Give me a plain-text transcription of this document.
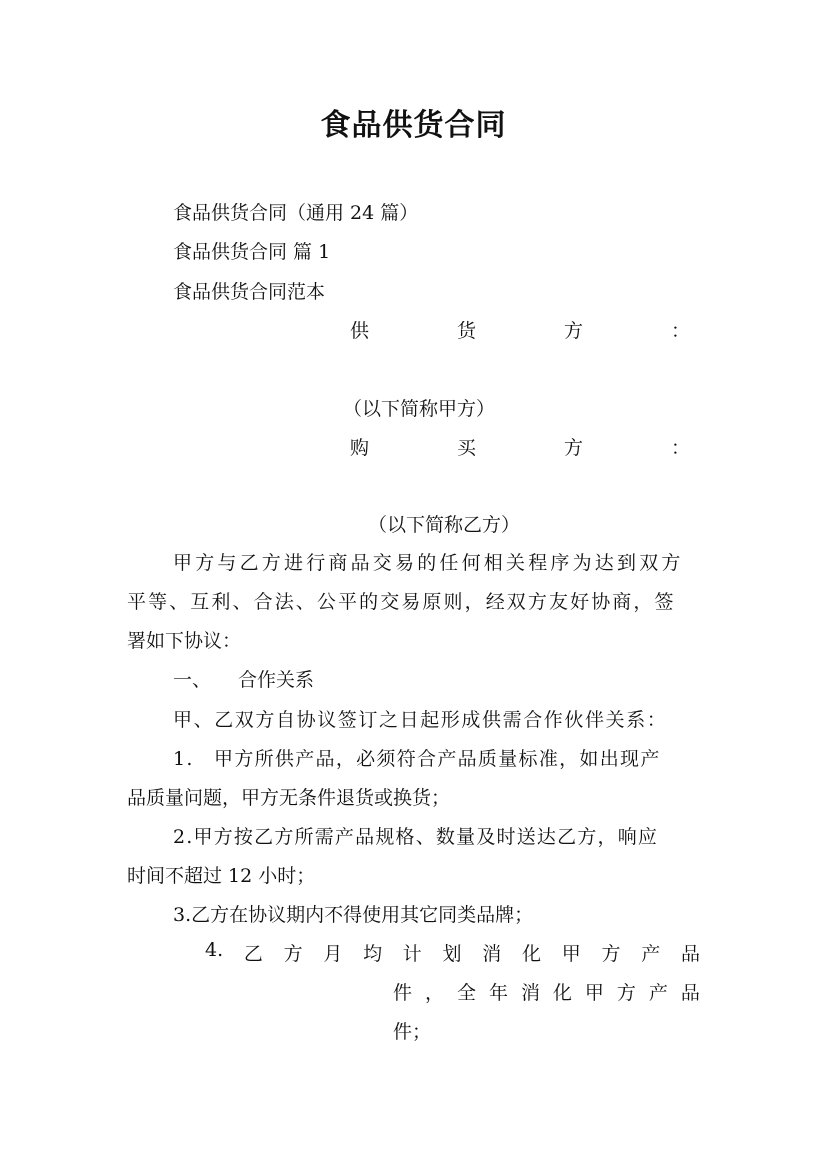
食品供货合同
食品供货合同（通用 24 篇）
食品供货合同 篇 1
食品供货合同范本
供	货	方	：
（以下简称甲方）
购	买	方	：
（以下简称乙方）
甲方与乙方进行商品交易的任何相关程序为达到双方
平等、互利、合法、公平的交易原则，经双方友好协商，签
署如下协议：
一、 合作关系
甲、乙双方自协议签订之日起形成供需合作伙伴关系：
1.　甲方所供产品，必须符合产品质量标准，如出现产
品质量问题，甲方无条件退货或换货；
2.甲方按乙方所需产品规格、数量及时送达乙方，响应
时间不超过 12 小时；
3.乙方在协议期内不得使用其它同类品牌；
4. 乙 方 月 均 计 划 消 化 甲 方 产 品
件 ， 全 年 消 化 甲 方 产 品
件；
